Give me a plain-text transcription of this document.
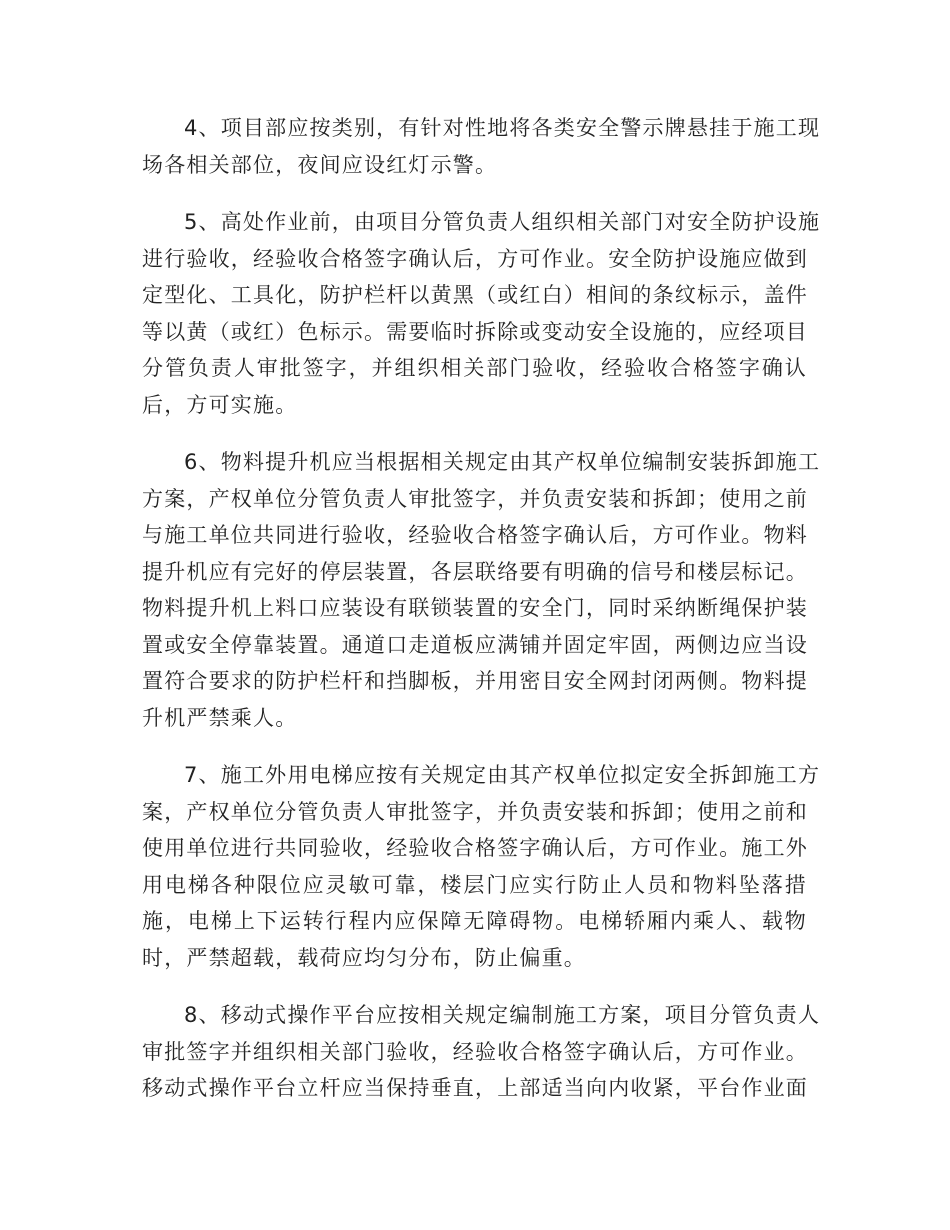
4、项目部应按类别，有针对性地将各类安全警示牌悬挂于施工现
场各相关部位，夜间应设红灯示警。
5、高处作业前，由项目分管负责人组织相关部门对安全防护设施
进行验收，经验收合格签字确认后，方可作业。安全防护设施应做到
定型化、工具化，防护栏杆以黄黑（或红白）相间的条纹标示，盖件
等以黄（或红）色标示。需要临时拆除或变动安全设施的，应经项目
分管负责人审批签字，并组织相关部门验收，经验收合格签字确认
后，方可实施。
6、物料提升机应当根据相关规定由其产权单位编制安装拆卸施工
方案，产权单位分管负责人审批签字，并负责安装和拆卸；使用之前
与施工单位共同进行验收，经验收合格签字确认后，方可作业。物料
提升机应有完好的停层装置，各层联络要有明确的信号和楼层标记。
物料提升机上料口应装设有联锁装置的安全门，同时采纳断绳保护装
置或安全停靠装置。通道口走道板应满铺并固定牢固，两侧边应当设
置符合要求的防护栏杆和挡脚板，并用密目安全网封闭两侧。物料提
升机严禁乘人。
7、施工外用电梯应按有关规定由其产权单位拟定安全拆卸施工方
案，产权单位分管负责人审批签字，并负责安装和拆卸；使用之前和
使用单位进行共同验收，经验收合格签字确认后，方可作业。施工外
用电梯各种限位应灵敏可靠，楼层门应实行防止人员和物料坠落措
施，电梯上下运转行程内应保障无障碍物。电梯轿厢内乘人、载物
时，严禁超载，载荷应均匀分布，防止偏重。
8、移动式操作平台应按相关规定编制施工方案，项目分管负责人
审批签字并组织相关部门验收，经验收合格签字确认后，方可作业。
移动式操作平台立杆应当保持垂直，上部适当向内收紧，平台作业面
